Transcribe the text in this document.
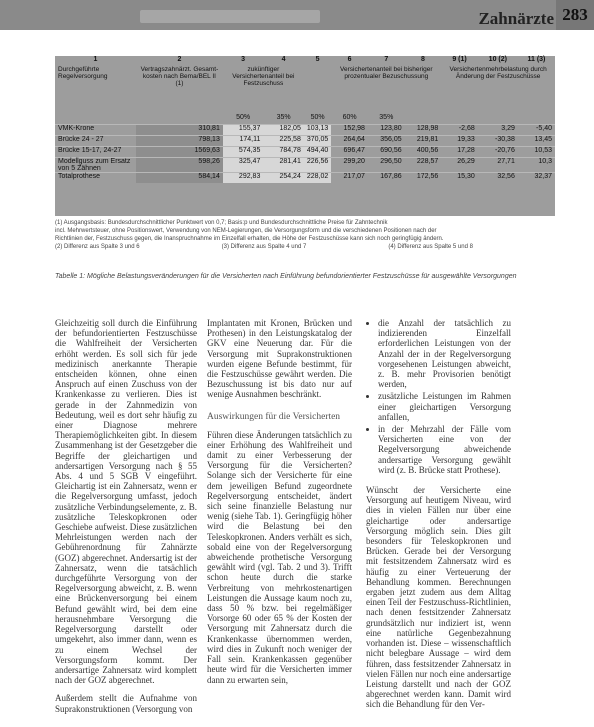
Zahnärzte 283
1	2	3	4	5	6	7	8	9 (1)	10 (2)	11 (3)
Durchgeführte Regelversorgung	Vertragszahnärzt. Gesamt-kosten nach Bema/BEL II (1)	zukünftiger Versichertenanteil bei Festzuschuss			Versichertenanteil bei bisheriger prozentualer Bezuschussung			Versichertenmehrbelastung durch Änderung der Festzuschüsse		
		50%	35%	50%	60%	35%				
VMK-Krone	310,81	155,37	182,05	103,13	152,98	123,80	128,98	-2,68	3,29	-5,40
Brücke 24 - 27	798,13	174,11	225,58	370,05	264,64	356,05	219,81	19,33	-30,38	13,45
Brücke 15-17, 24-27	1569,63	574,35	784,78	494,40	696,47	690,56	400,56	17,28	-20,76	10,53
Modellguss zum Ersatz von 5 Zähnen	598,26	325,47	281,41	226,56	299,20	296,50	228,57	26,29	27,71	10,3
Totalprothese	584,14	292,83	254,24	228,02	217,07	167,86	172,56	15,30	32,56	32,37
(1) Ausgangsbasis: Bundesdurchschnittlicher Punktwert von 0,7; Basis:p und Bundesdurchschnittliche Preise für Zahntechnik
incl. Mehrwertsteuer, ohne Positionswert, Verwendung von NEM-Legierungen, die Versorgungsform und die verschiedenen Positionen nach der
Richtlinien der, Festzuschuss gegen, die Inanspruchnahme im Einzelfall erhalten, die Höhe der Festzuschüsse kann sich noch geringfügig ändern.
(2) Differenz aus Spalte 3 und 6	(3) Differenz aus Spalte 4 und 7	(4) Differenz aus Spalte 5 und 8
Tabelle 1: Mögliche Belastungsveränderungen für die Versicherten nach Einführung befundorientierter Festzuschüsse für ausgewählte Versorgungen

Gleichzeitig soll durch die Einführung der befundorientierten Festzuschüsse die Wahlfreiheit der Versicherten erhöht werden. Es soll sich für jede medizinisch anerkannte Therapie entscheiden können, ohne einen Anspruch auf einen Zuschuss von der Krankenkasse zu verlieren. Dies ist gerade in der Zahnmedizin von Bedeutung, weil es dort sehr häufig zu einer Diagnose mehrere Therapiemöglichkeiten gibt. In diesem Zusammenhang ist der Gesetzgeber die Begriffe der gleichartigen und andersartigen Versorgung nach § 55 Abs. 4 und 5 SGB V eingeführt. Gleichartig ist ein Zahnersatz, wenn er die Regelversorgung umfasst, jedoch zusätzliche Verbindungselemente, z. B. zusätzliche Teleskopkronen oder Geschiebe aufweist. Diese zusätzlichen Mehrleistungen werden nach der Gebührenordnung für Zahnärzte (GOZ) abgerechnet. Andersartig ist der Zahnersatz, wenn die tatsächlich durchgeführte Versorgung von der Regelversorgung abweicht, z. B. wenn eine Brückenversorgung bei einem Befund gewählt wird, bei dem eine herausnehmbare Versorgung die Regelversorgung darstellt oder umgekehrt, also immer dann, wenn es zu einem Wechsel der Versorgungsform kommt. Der andersartige Zahnersatz wird komplett nach der GOZ abgerechnet.

Außerdem stellt die Aufnahme von Suprakonstruktionen (Versorgung von

Implantaten mit Kronen, Brücken und Prothesen) in den Leistungskatalog der GKV eine Neuerung dar. Für die Versorgung mit Suprakonstruktionen wurden eigene Befunde bestimmt, für die Festzuschüsse gewährt werden. Die Bezuschussung ist bis dato nur auf wenige Ausnahmen beschränkt.

Auswirkungen für die Versicherten

Führen diese Änderungen tatsächlich zu einer Erhöhung des Wahlfreiheit und damit zu einer Verbesserung der Versorgung für die Versicherten? Solange sich der Versicherte für eine dem jeweiligen Befund zugeordnete Regelversorgung entscheidet, ändert sich seine finanzielle Belastung nur wenig (siehe Tab. 1). Geringfügig höher wird die Belastung bei den Teleskopkronen. Anders verhält es sich, sobald eine von der Regelversorgung abweichende prothetische Versorgung gewählt wird (vgl. Tab. 2 und 3). Trifft schon heute durch die starke Verbreitung von mehrkostenartigen Leistungen die Aussage kaum noch zu, dass 50 % bzw. bei regelmäßiger Vorsorge 60 oder 65 % der Kosten der Versorgung mit Zahnersatz durch die Krankenkasse übernommen werden, wird dies in Zukunft noch weniger der Fall sein. Krankenkassen gegenüber heute wird für die Versicherten immer dann zu erwarten sein,

• die Anzahl der tatsächlich zu indizierenden Einzelfall erforderlichen Leistungen von der Anzahl der in der Regelversorgung vorgesehenen Leistungen abweicht, z. B. mehr Provisorien benötigt werden,
• zusätzliche Leistungen im Rahmen einer gleichartigen Versorgung anfallen,
• in der Mehrzahl der Fälle vom Versicherten eine von der Regelversorgung abweichende andersartige Versorgung gewählt wird (z. B. Brücke statt Prothese).

Wünscht der Versicherte eine Versorgung auf heutigem Niveau, wird dies in vielen Fällen nur über eine gleichartige oder andersartige Versorgung möglich sein. Dies gilt besonders für Teleskopkronen und Brücken. Gerade bei der Versorgung mit festsitzendem Zahnersatz wird es häufig zu einer Verteuerung der Behandlung kommen. Berechnungen ergaben jetzt zudem aus dem Alltag einen Teil der Festzuschuss-Richtlinien, nach denen festsitzender Zahnersatz grundsätzlich nur indiziert ist, wenn eine natürliche Gegenbezahnung vorhanden ist. Diese – wissenschaftlich nicht belegbare Aussage – wird dem führen, dass festsitzender Zahnersatz in vielen Fällen nur noch eine andersartige Leistung darstellt und nach der GOZ abgerechnet werden kann. Damit wird sich die Behandlung für den Ver-
